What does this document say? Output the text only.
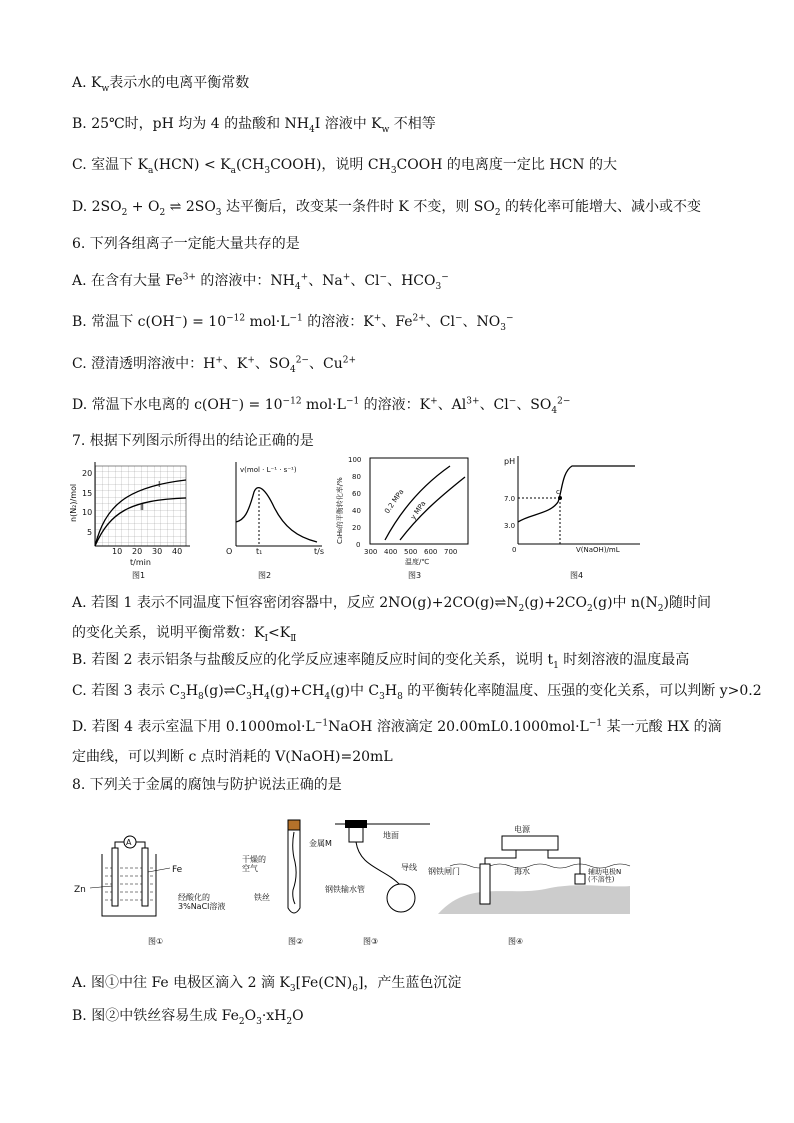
A. $K_w$表示水的电离平衡常数
B. 25℃时，pH 均为 4 的盐酸和 $NH_4I$ 溶液中 $K_w$ 不相等
C. 室温下 $K_a(HCN)$ < $K_a(CH_3COOH)$，说明 $CH_3COOH$ 的电离度一定比 HCN 的大
D. $2SO_2 + O_2$ ⇌ $2SO_3$ 达平衡后，改变某一条件时 K 不变，则 $SO_2$ 的转化率可能增大、减小或不变
6. 下列各组离子一定能大量共存的是
A. 在含有大量 $Fe^{3+}$ 的溶液中：$NH_4^+$、Na+、Cl−、$HCO_3^-$
B. 常温下 $c(OH^-) = 10^{-12}$ $mol\cdot L^{-1}$ 的溶液：K+、$Fe^{2+}$、Cl−、$NO_3^-$
C. 澄清透明溶液中：H+、K+、$SO_4^{2-}$、$Cu^{2+}$
D. 常温下水电离的 $c(OH^-) = 10^{-12}$ $mol\cdot L^{-1}$ 的溶液：K+、$Al^{3+}$、Cl−、$SO_4^{2-}$
7. 根据下列图示所得出的结论正确的是
Ⅰ
Ⅱ
10 20 30 40
5
10
15
20
n(N₂)/mol
t/min
图1
v(mol · L⁻¹ · s⁻¹)
O	t₁	t/s
图2
0.2 MPa y MPa
0
20
40
60
80
100
300 400 500 600 700
C₃H₈的平衡转化率/%
温度/℃
图3
c
pH
3.0
7.0
0	V(NaOH)/mL
图4
A. 若图 1 表示不同温度下恒容密闭容器中，反应 $2NO(g)+2CO(g)\rightleftharpoons N_2(g)+2CO_2(g)$中 $n(N_2)$随时间的变化关系，说明平衡常数：$K_Ⅰ<K_Ⅱ$
B. 若图 2 表示铝条与盐酸反应的化学反应速率随反应时间的变化关系，说明 $t_1$ 时刻溶液的温度最高
C. 若图 3 表示 $C_3H_8(g)\rightleftharpoons C_3H_4(g)+CH_4(g)$中 $C_3H_8$ 的平衡转化率随温度、压强的变化关系，可以判断 y>0.2
D. 若图 4 表示室温下用 $0.1000mol\cdot L^{-1}NaOH$ 溶液滴定 $20.00mL0.1000mol\cdot L^{-1}$ 某一元酸 HX 的滴定曲线，可以判断 c 点时消耗的 V(NaOH)=20mL
8. 下列关于金属的腐蚀与防护说法正确的是
A
Zn
Fe
经酸化的 3%NaCl溶液
图①
干燥的空气
铁丝
图②
金属M
地面
导线
钢铁输水管
图③
电源
钢铁闸门	海水	辅助电极N (不溶性)
图④
A. 图①中往 Fe 电极区滴入 2 滴 $K_3[Fe(CN)_6]$，产生蓝色沉淀
B. 图②中铁丝容易生成 $Fe_2O_3\cdot xH_2O$
